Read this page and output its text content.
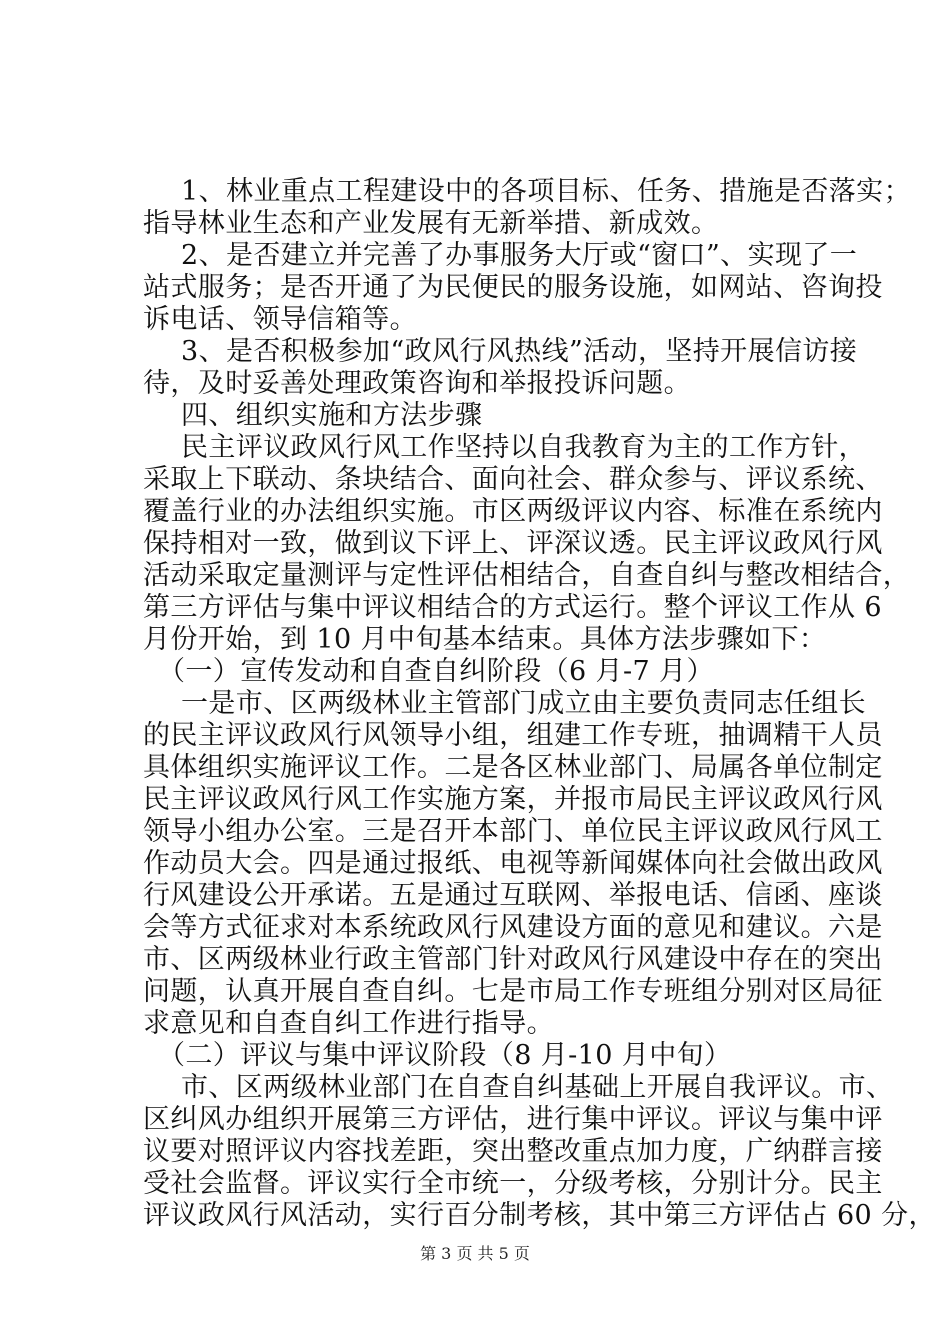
1、林业重点工程建设中的各项目标、任务、措施是否落实；
指导林业生态和产业发展有无新举措、新成效。
2、是否建立并完善了办事服务大厅或“窗口”、实现了一
站式服务；是否开通了为民便民的服务设施，如网站、咨询投
诉电话、领导信箱等。
3、是否积极参加“政风行风热线”活动，坚持开展信访接
待，及时妥善处理政策咨询和举报投诉问题。
四、组织实施和方法步骤
民主评议政风行风工作坚持以自我教育为主的工作方针，
采取上下联动、条块结合、面向社会、群众参与、评议系统、
覆盖行业的办法组织实施。市区两级评议内容、标准在系统内
保持相对一致，做到议下评上、评深议透。民主评议政风行风
活动采取定量测评与定性评估相结合，自查自纠与整改相结合，
第三方评估与集中评议相结合的方式运行。整个评议工作从 6
月份开始，到 10 月中旬基本结束。具体方法步骤如下：
（一）宣传发动和自查自纠阶段（6 月-7 月）
一是市、区两级林业主管部门成立由主要负责同志任组长
的民主评议政风行风领导小组，组建工作专班，抽调精干人员
具体组织实施评议工作。二是各区林业部门、局属各单位制定
民主评议政风行风工作实施方案，并报市局民主评议政风行风
领导小组办公室。三是召开本部门、单位民主评议政风行风工
作动员大会。四是通过报纸、电视等新闻媒体向社会做出政风
行风建设公开承诺。五是通过互联网、举报电话、信函、座谈
会等方式征求对本系统政风行风建设方面的意见和建议。六是
市、区两级林业行政主管部门针对政风行风建设中存在的突出
问题，认真开展自查自纠。七是市局工作专班组分别对区局征
求意见和自查自纠工作进行指导。
（二）评议与集中评议阶段（8 月-10 月中旬）
市、区两级林业部门在自查自纠基础上开展自我评议。市、
区纠风办组织开展第三方评估，进行集中评议。评议与集中评
议要对照评议内容找差距，突出整改重点加力度，广纳群言接
受社会监督。评议实行全市统一，分级考核，分别计分。民主
评议政风行风活动，实行百分制考核，其中第三方评估占 60 分，
第 3 页 共 5 页
